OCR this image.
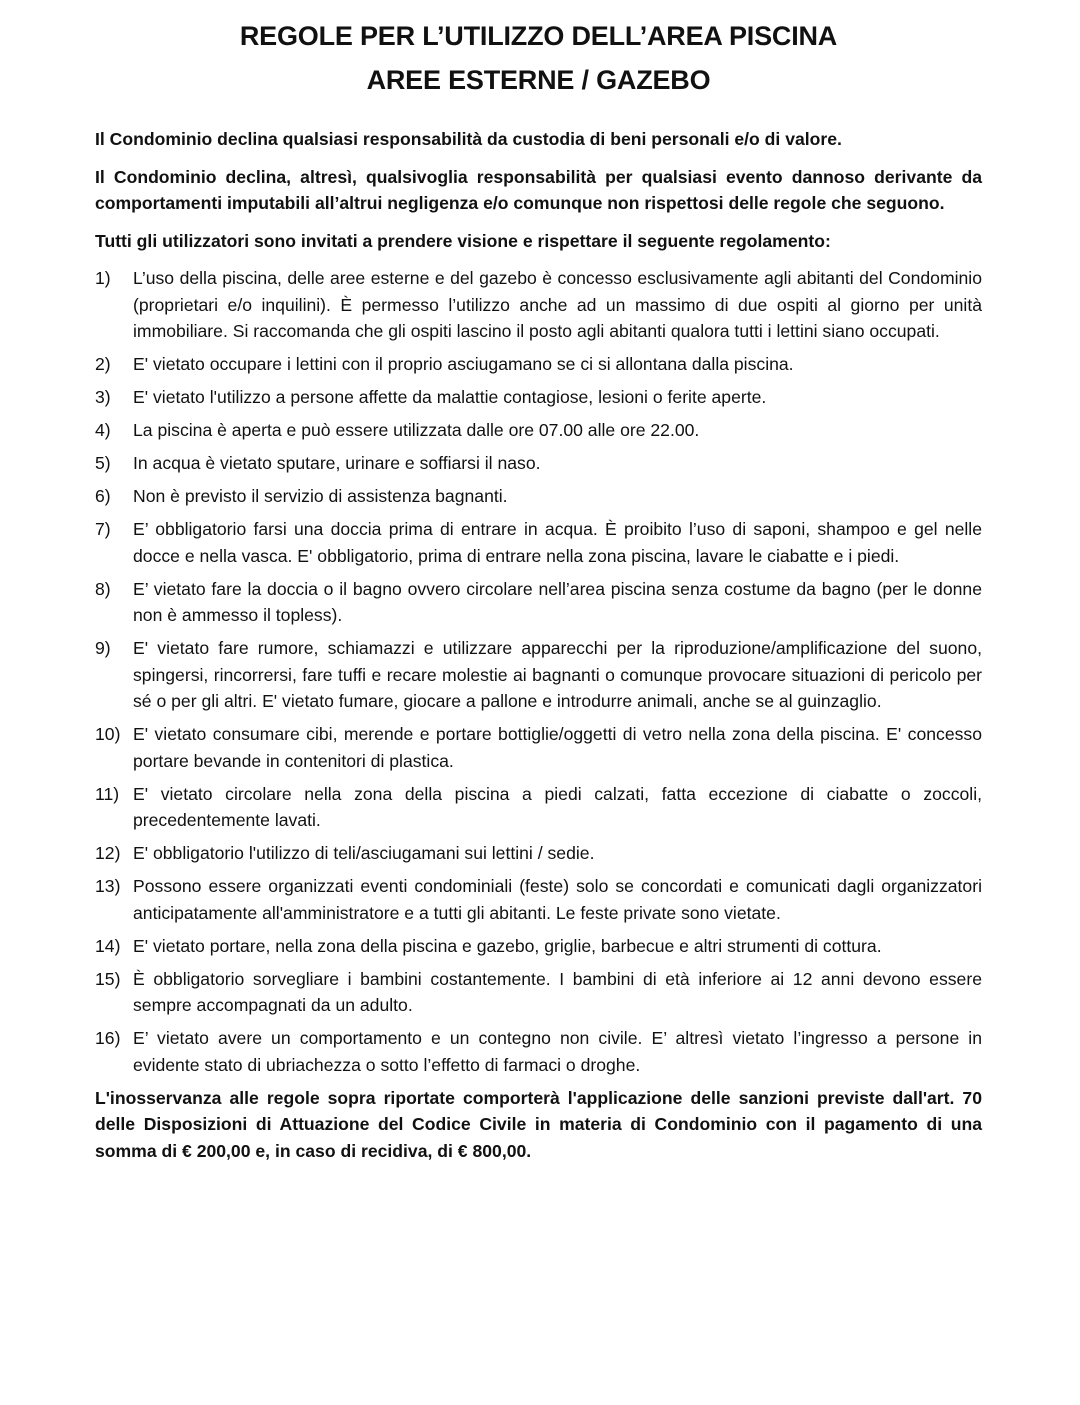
REGOLE PER L’UTILIZZO DELL’AREA PISCINA
AREE ESTERNE / GAZEBO

Il Condominio declina qualsiasi responsabilità da custodia di beni personali e/o di valore.

Il Condominio declina, altresì, qualsivoglia responsabilità per qualsiasi evento dannoso derivante da comportamenti imputabili all’altrui negligenza e/o comunque non rispettosi delle regole che seguono.

Tutti gli utilizzatori sono invitati a prendere visione e rispettare il seguente regolamento:

1)	L’uso della piscina, delle aree esterne e del gazebo è concesso esclusivamente agli abitanti del Condominio (proprietari e/o inquilini). È permesso l’utilizzo anche ad un massimo di due ospiti al giorno per unità immobiliare. Si raccomanda che gli ospiti lascino il posto agli abitanti qualora tutti i lettini siano occupati.
2)	E' vietato occupare i lettini con il proprio asciugamano se ci si allontana dalla piscina.
3)	E' vietato l'utilizzo a persone affette da malattie contagiose, lesioni o ferite aperte.
4)	La piscina è aperta e può essere utilizzata dalle ore 07.00 alle ore 22.00.
5)	In acqua è vietato sputare, urinare e soffiarsi il naso.
6)	Non è previsto il servizio di assistenza bagnanti.
7)	E’ obbligatorio farsi una doccia prima di entrare in acqua. È proibito l’uso di saponi, shampoo e gel nelle docce e nella vasca. E' obbligatorio, prima di entrare nella zona piscina, lavare le ciabatte e i piedi.
8)	E’ vietato fare la doccia o il bagno ovvero circolare nell’area piscina senza costume da bagno (per le donne non è ammesso il topless).
9)	E' vietato fare rumore, schiamazzi e utilizzare apparecchi per la riproduzione/amplificazione del suono, spingersi, rincorrersi, fare tuffi e recare molestie ai bagnanti o comunque provocare situazioni di pericolo per sé o per gli altri. E' vietato fumare, giocare a pallone e introdurre animali, anche se al guinzaglio.
10) E' vietato consumare cibi, merende e portare bottiglie/oggetti di vetro nella zona della piscina. E' concesso portare bevande in contenitori di plastica.
11) E' vietato circolare nella zona della piscina a piedi calzati, fatta eccezione di ciabatte o zoccoli, precedentemente lavati.
12) E' obbligatorio l'utilizzo di teli/asciugamani sui lettini / sedie.
13) Possono essere organizzati eventi condominiali (feste) solo se concordati e comunicati dagli organizzatori anticipatamente all'amministratore e a tutti gli abitanti. Le feste private sono vietate.
14) E' vietato portare, nella zona della piscina e gazebo, griglie, barbecue e altri strumenti di cottura.
15) È obbligatorio sorvegliare i bambini costantemente. I bambini di età inferiore ai 12 anni devono essere sempre accompagnati da un adulto.
16) E’ vietato avere un comportamento e un contegno non civile. E’ altresì vietato l’ingresso a persone in evidente stato di ubriachezza o sotto l’effetto di farmaci o droghe.

L'inosservanza alle regole sopra riportate comporterà l'applicazione delle sanzioni previste dall'art. 70 delle Disposizioni di Attuazione del Codice Civile in materia di Condominio con il pagamento di una somma di € 200,00 e, in caso di recidiva, di € 800,00.
